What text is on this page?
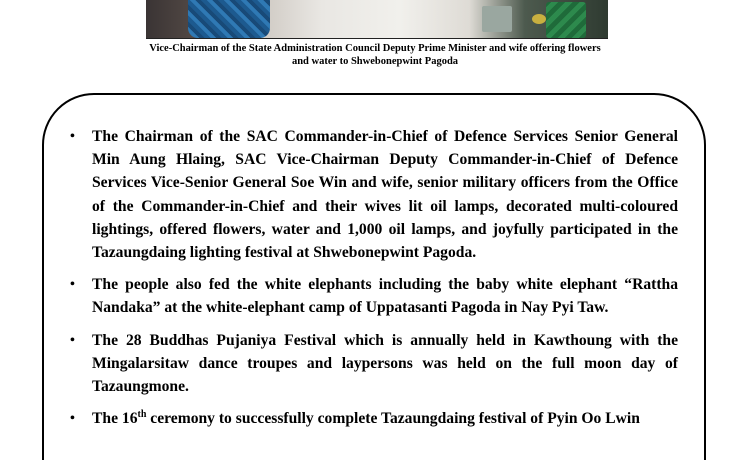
Vice-Chairman of the State Administration Council Deputy Prime Minister and wife offering flowers
and water to Shwebonepwint Pagoda
• The Chairman of the SAC Commander-in-Chief of Defence Services Senior General Min Aung Hlaing, SAC Vice-Chairman Deputy Commander-in-Chief of Defence Services Vice-Senior General Soe Win and wife, senior military officers from the Office of the Commander-in-Chief and their wives lit oil lamps, decorated multi-coloured lightings, offered flowers, water and 1,000 oil lamps, and joyfully participated in the Tazaungdaing lighting festival at Shwebonepwint Pagoda.
• The people also fed the white elephants including the baby white elephant “Rattha Nandaka” at the white-elephant camp of Uppatasanti Pagoda in Nay Pyi Taw.
• The 28 Buddhas Pujaniya Festival which is annually held in Kawthoung with the Mingalarsitaw dance troupes and laypersons was held on the full moon day of Tazaungmone.
• The 16th ceremony to successfully complete Tazaungdaing festival of Pyin Oo Lwin
